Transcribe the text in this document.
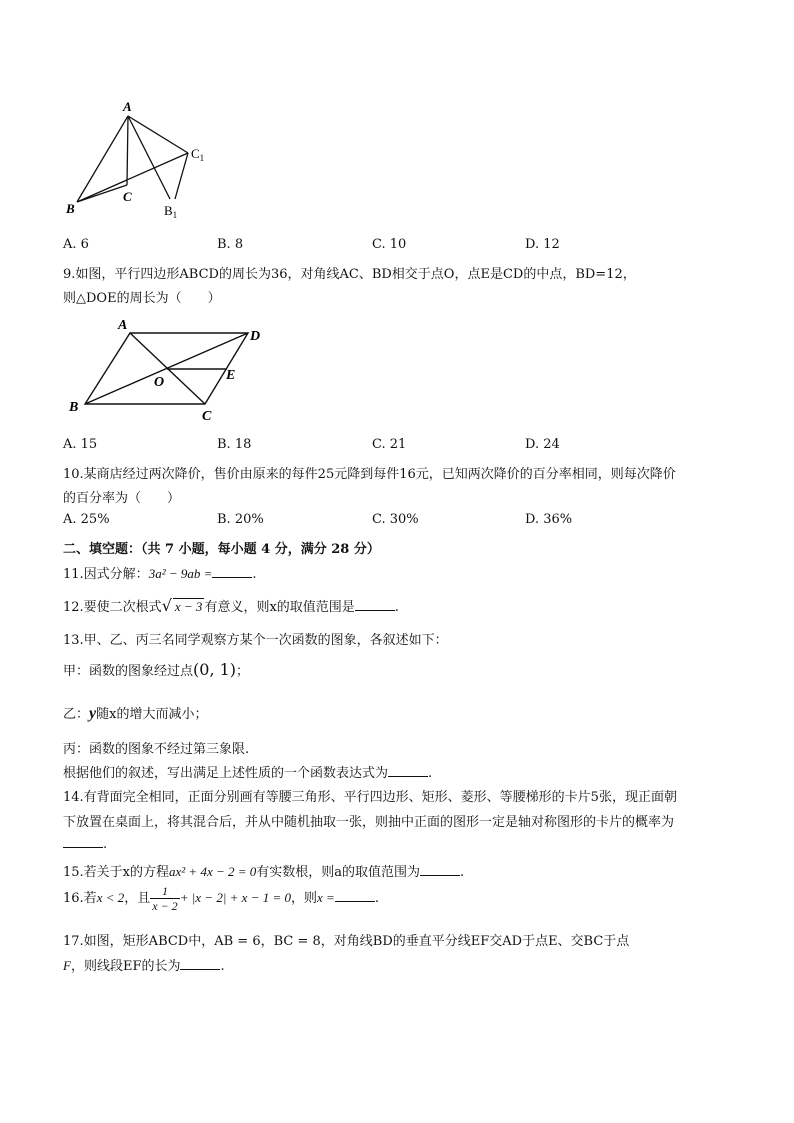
A
B
C
$B_1$
$C_1$
A. 6	B. 8	C. 10	D. 12
9.如图，平行四边形ABCD的周长为36，对角线AC、BD相交于点O，点E是CD的中点，BD=12，
则△DOE的周长为（　　）
A
D
B
C
O	E
A. 15	B. 18	C. 21	D. 24
10.某商店经过两次降价，售价由原来的每件25元降到每件16元，已知两次降价的百分率相同，则每次降价
的百分率为（　　）
A. 25%	B. 20%	C. 30%	D. 36%
二、填空题：（共 7 小题，每小题 4 分，满分 28 分）
11.因式分解：3a² − 9ab =	.
12.要使二次根式√ x − 3 有意义，则x的取值范围是	.
13.甲、乙、丙三名同学观察方某个一次函数的图象，各叙述如下：
甲：函数的图象经过点(0, 1)；
乙：y随x的增大而减小；
丙：函数的图象不经过第三象限.
根据他们的叙述，写出满足上述性质的一个函数表达式为	.
14.有背面完全相同，正面分别画有等腰三角形、平行四边形、矩形、菱形、等腰梯形的卡片5张，现正面朝
下放置在桌面上，将其混合后，并从中随机抽取一张，则抽中正面的图形一定是轴对称图形的卡片的概率为
.
15.若关于x的方程ax² + 4x − 2 = 0有实数根，则a的取值范围为	.
16.若x < 2，且 $\frac{1}{x - 2} + |x - 2| + x - 1 = 0$，则x =	.
17.如图，矩形ABCD中，AB = 6，BC = 8，对角线BD的垂直平分线EF交AD于点E、交BC于点
F，则线段EF的长为	.
